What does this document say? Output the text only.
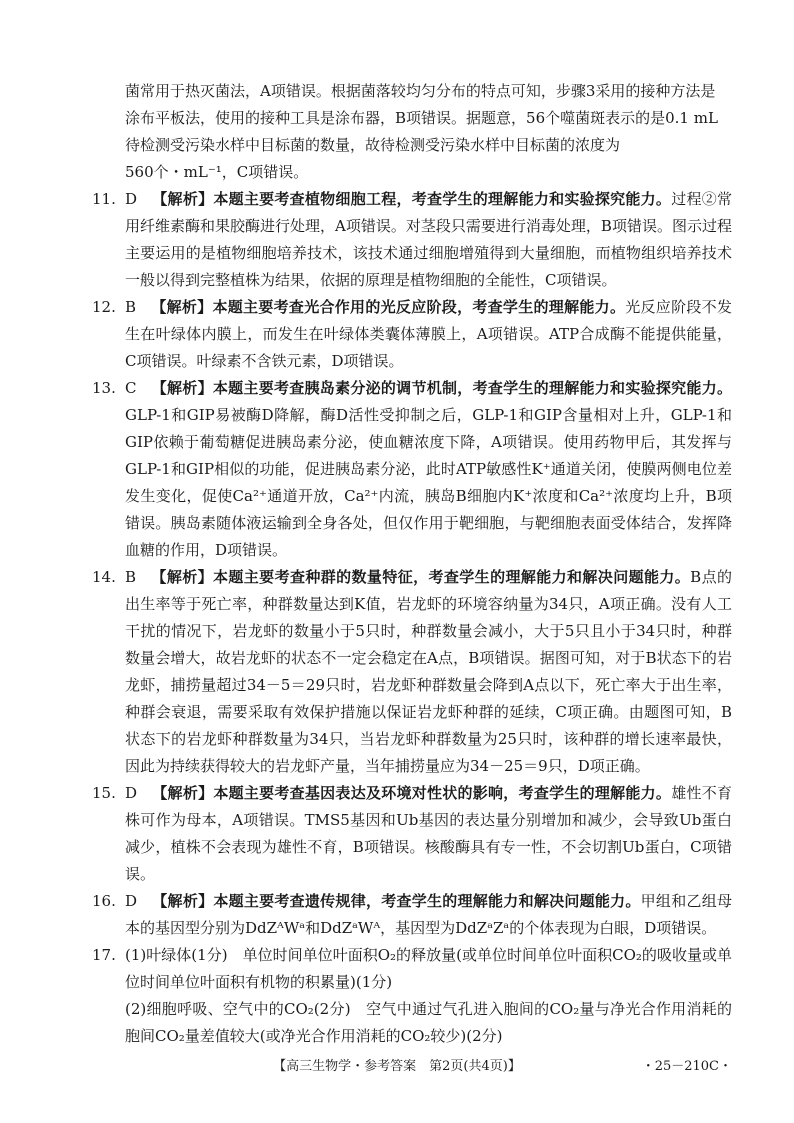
菌常用于热灭菌法，A项错误。根据菌落较均匀分布的特点可知，步骤3采用的接种方法是

涂布平板法，使用的接种工具是涂布器，B项错误。据题意，56个噬菌斑表示的是0.1 mL

待检测受污染水样中目标菌的数量，故待检测受污染水样中目标菌的浓度为

560个・mL⁻¹，C项错误。

11. D  【解析】本题主要考查植物细胞工程，考查学生的理解能力和实验探究能力。过程②常用纤维素酶和果胶酶进行处理，A项错误。对茎段只需要进行消毒处理，B项错误。图示过程主要运用的是植物细胞培养技术，该技术通过细胞增殖得到大量细胞，而植物组织培养技术一般以得到完整植株为结果，依据的原理是植物细胞的全能性，C项错误。
12. B  【解析】本题主要考查光合作用的光反应阶段，考查学生的理解能力。光反应阶段不发生在叶绿体内膜上，而发生在叶绿体类囊体薄膜上，A项错误。ATP合成酶不能提供能量，C项错误。叶绿素不含铁元素，D项错误。
13. C  【解析】本题主要考查胰岛素分泌的调节机制，考查学生的理解能力和实验探究能力。GLP-1和GIP易被酶D降解，酶D活性受抑制之后，GLP-1和GIP含量相对上升，GLP-1和GIP依赖于葡萄糖促进胰岛素分泌，使血糖浓度下降，A项错误。使用药物甲后，其发挥与GLP-1和GIP相似的功能，促进胰岛素分泌，此时ATP敏感性K⁺通道关闭，使膜两侧电位差发生变化，促使Ca²⁺通道开放，Ca²⁺内流，胰岛B细胞内K⁺浓度和Ca²⁺浓度均上升，B项错误。胰岛素随体液运输到全身各处，但仅作用于靶细胞，与靶细胞表面受体结合，发挥降血糖的作用，D项错误。
14. B  【解析】本题主要考查种群的数量特征，考查学生的理解能力和解决问题能力。B点的出生率等于死亡率，种群数量达到K值，岩龙虾的环境容纳量为34只，A项正确。没有人工干扰的情况下，岩龙虾的数量小于5只时，种群数量会减小，大于5只且小于34只时，种群数量会增大，故岩龙虾的状态不一定会稳定在A点，B项错误。据图可知，对于B状态下的岩龙虾，捕捞量超过34－5＝29只时，岩龙虾种群数量会降到A点以下，死亡率大于出生率，种群会衰退，需要采取有效保护措施以保证岩龙虾种群的延续，C项正确。由题图可知，B状态下的岩龙虾种群数量为34只，当岩龙虾种群数量为25只时，该种群的增长速率最快，因此为持续获得较大的岩龙虾产量，当年捕捞量应为34－25＝9只，D项正确。
15. D  【解析】本题主要考查基因表达及环境对性状的影响，考查学生的理解能力。雄性不育株可作为母本，A项错误。TMS5基因和Ub基因的表达量分别增加和减少，会导致Ub蛋白减少，植株不会表现为雄性不育，B项错误。核酸酶具有专一性，不会切割Ub蛋白，C项错误。
16. D  【解析】本题主要考查遗传规律，考查学生的理解能力和解决问题能力。甲组和乙组母本的基因型分别为DdZᴬWᵃ和DdZᵃWᴬ，基因型为DdZᵃZᵃ的个体表现为白眼，D项错误。
17. (1)叶绿体(1分)　单位时间单位叶面积O₂的释放量(或单位时间单位叶面积CO₂的吸收量或单位时间单位叶面积有机物的积累量)(1分)

(2)细胞呼吸、空气中的CO₂(2分)　空气中通过气孔进入胞间的CO₂量与净光合作用消耗的胞间CO₂量差值较大(或净光合作用消耗的CO₂较少)(2分)

【高三生物学・参考答案　第2页(共4页)】	・25－210C・
